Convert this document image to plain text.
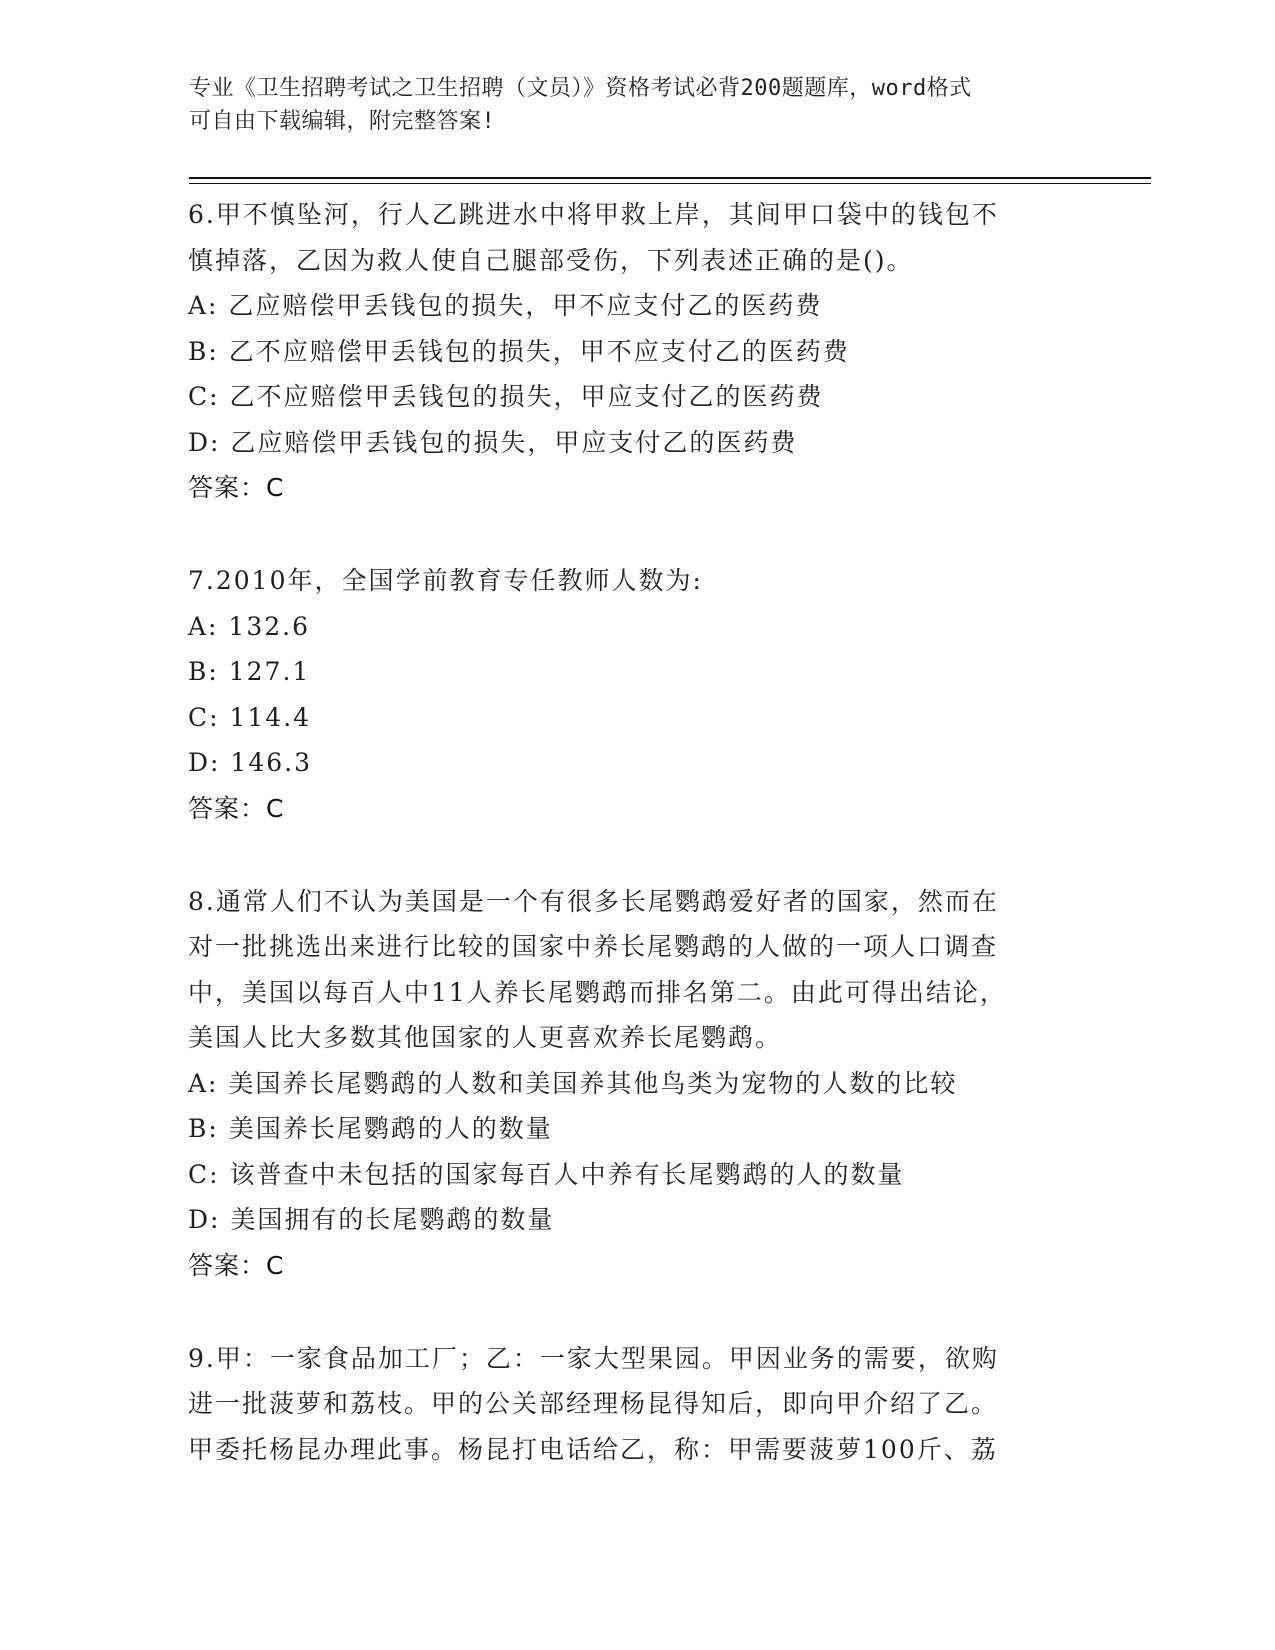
专业《卫生招聘考试之卫生招聘（文员）》资格考试必背200题题库，word格式
可自由下载编辑，附完整答案!
6.甲不慎坠河，行人乙跳进水中将甲救上岸，其间甲口袋中的钱包不
慎掉落，乙因为救人使自己腿部受伤，下列表述正确的是()。
A: 乙应赔偿甲丢钱包的损失，甲不应支付乙的医药费
B: 乙不应赔偿甲丢钱包的损失，甲不应支付乙的医药费
C: 乙不应赔偿甲丢钱包的损失，甲应支付乙的医药费
D: 乙应赔偿甲丢钱包的损失，甲应支付乙的医药费
答案：C
7.2010年，全国学前教育专任教师人数为:
A: 132.6
B: 127.1
C: 114.4
D: 146.3
答案：C
8.通常人们不认为美国是一个有很多长尾鹦鹉爱好者的国家，然而在
对一批挑选出来进行比较的国家中养长尾鹦鹉的人做的一项人口调查
中，美国以每百人中11人养长尾鹦鹉而排名第二。由此可得出结论，
美国人比大多数其他国家的人更喜欢养长尾鹦鹉。
A: 美国养长尾鹦鹉的人数和美国养其他鸟类为宠物的人数的比较
B: 美国养长尾鹦鹉的人的数量
C: 该普查中未包括的国家每百人中养有长尾鹦鹉的人的数量
D: 美国拥有的长尾鹦鹉的数量
答案：C
9.甲：一家食品加工厂；乙：一家大型果园。甲因业务的需要，欲购
进一批菠萝和荔枝。甲的公关部经理杨昆得知后，即向甲介绍了乙。
甲委托杨昆办理此事。杨昆打电话给乙，称：甲需要菠萝100斤、荔
